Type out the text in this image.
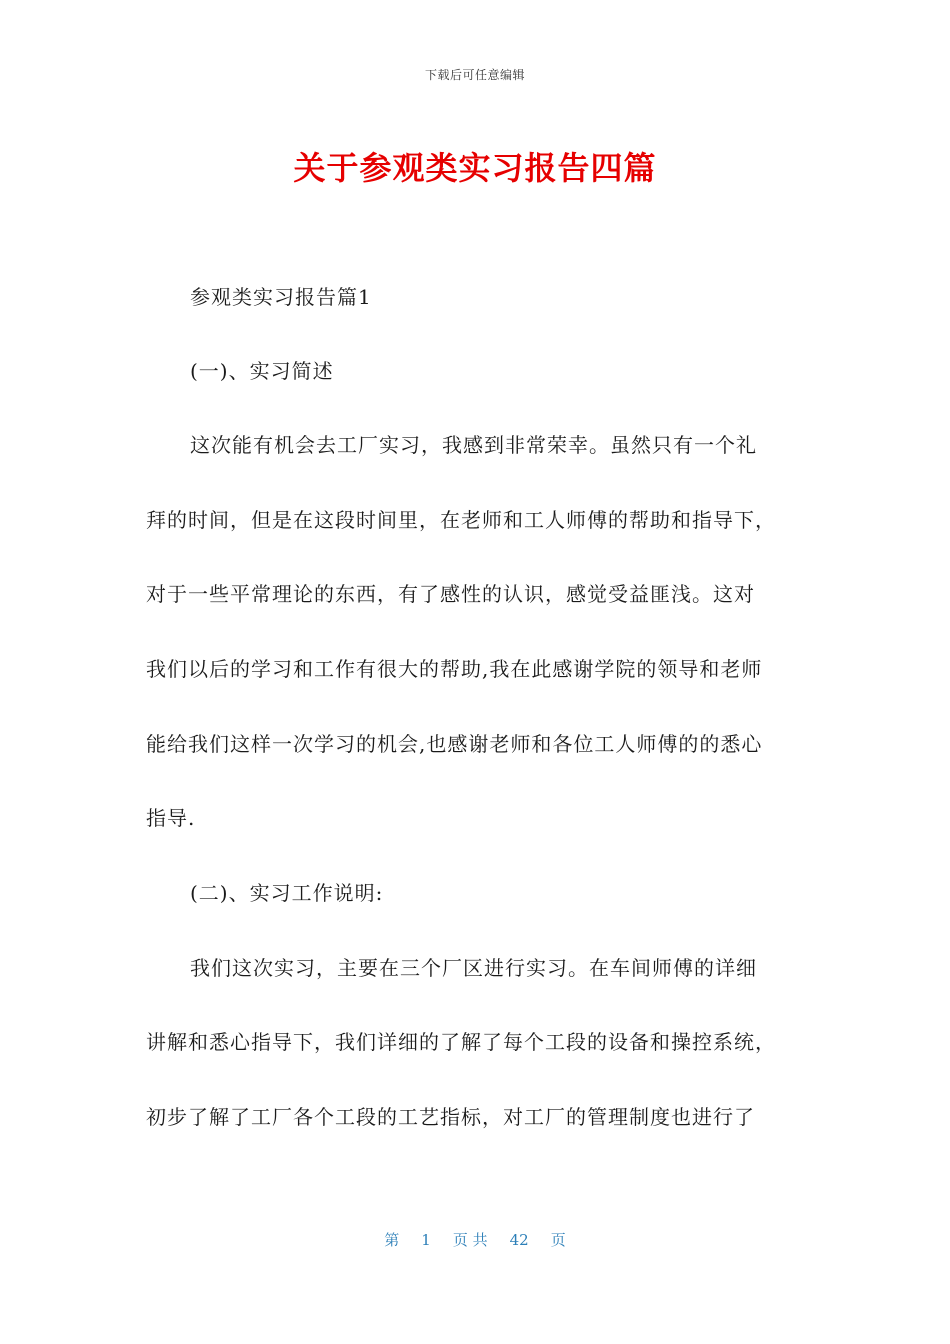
下载后可任意编辑
关于参观类实习报告四篇
参观类实习报告篇1
(一)、实习简述
这次能有机会去工厂实习，我感到非常荣幸。虽然只有一个礼
拜的时间，但是在这段时间里，在老师和工人师傅的帮助和指导下，
对于一些平常理论的东西，有了感性的认识，感觉受益匪浅。这对
我们以后的学习和工作有很大的帮助,我在此感谢学院的领导和老师
能给我们这样一次学习的机会,也感谢老师和各位工人师傅的的悉心
指导.
(二)、实习工作说明:
我们这次实习，主要在三个厂区进行实习。在车间师傅的详细
讲解和悉心指导下，我们详细的了解了每个工段的设备和操控系统，
初步了解了工厂各个工段的工艺指标，对工厂的管理制度也进行了
第 1 页 共 42 页
